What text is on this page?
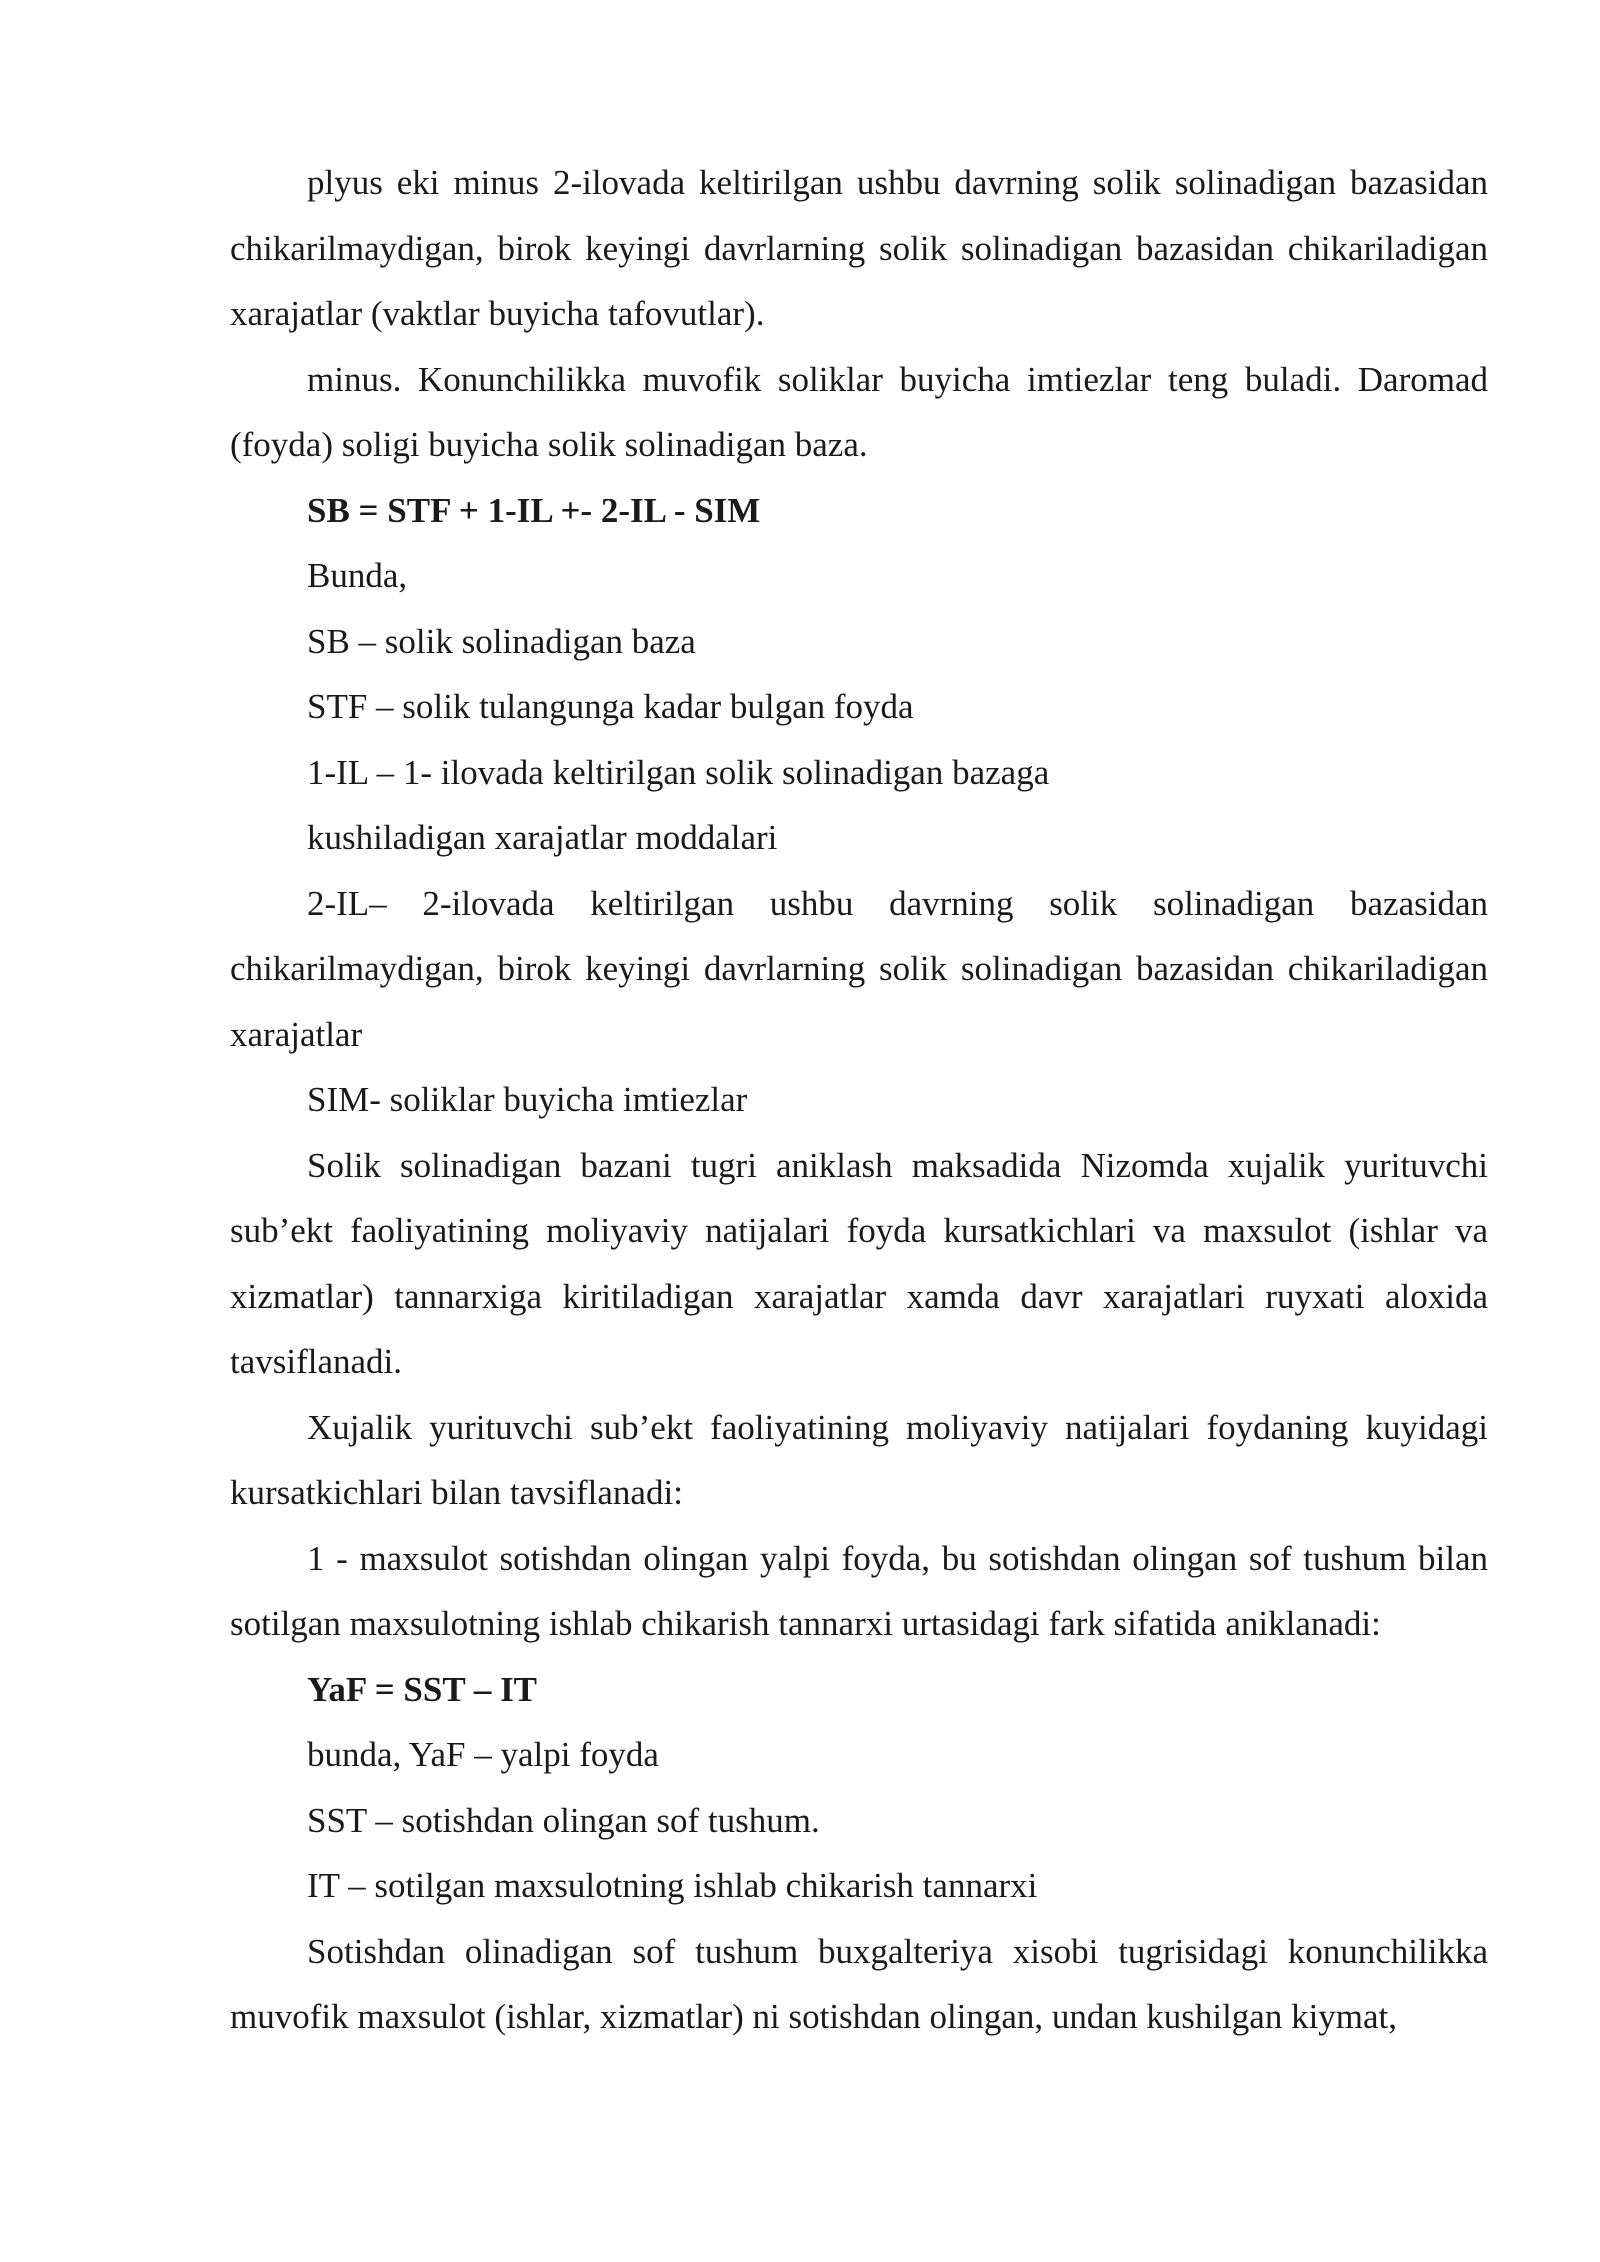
plyus eki minus 2-ilovada keltirilgan ushbu davrning solik solinadigan bazasidan chikarilmaydigan, birok keyingi davrlarning solik solinadigan bazasidan chikariladigan xarajatlar (vaktlar buyicha tafovutlar).

minus. Konunchilikka muvofik soliklar buyicha imtiezlar teng buladi. Daromad (foyda) soligi buyicha solik solinadigan baza.

SB = STF + 1-IL +- 2-IL - SIM

Bunda,

SB – solik solinadigan baza

STF – solik tulangunga kadar bulgan foyda

1-IL – 1- ilovada keltirilgan solik solinadigan bazaga

kushiladigan xarajatlar moddalari

2-IL– 2-ilovada keltirilgan ushbu davrning solik solinadigan bazasidan chikarilmaydigan, birok keyingi davrlarning solik solinadigan bazasidan chikariladigan xarajatlar

SIM- soliklar buyicha imtiezlar

Solik solinadigan bazani tugri aniklash maksadida Nizomda xujalik yurituvchi sub’ekt faoliyatining moliyaviy natijalari foyda kursatkichlari va maxsulot (ishlar va xizmatlar) tannarxiga kiritiladigan xarajatlar xamda davr xarajatlari ruyxati aloxida tavsiflanadi.

Xujalik yurituvchi sub’ekt faoliyatining moliyaviy natijalari foydaning kuyidagi kursatkichlari bilan tavsiflanadi:

1 - maxsulot sotishdan olingan yalpi foyda, bu sotishdan olingan sof tushum bilan sotilgan maxsulotning ishlab chikarish tannarxi urtasidagi fark sifatida aniklanadi:

YaF = SST – IT

bunda, YaF – yalpi foyda

SST – sotishdan olingan sof tushum.

IT – sotilgan maxsulotning ishlab chikarish tannarxi

Sotishdan olinadigan sof tushum buxgalteriya xisobi tugrisidagi konunchilikka muvofik maxsulot (ishlar, xizmatlar) ni sotishdan olingan, undan kushilgan kiymat,
